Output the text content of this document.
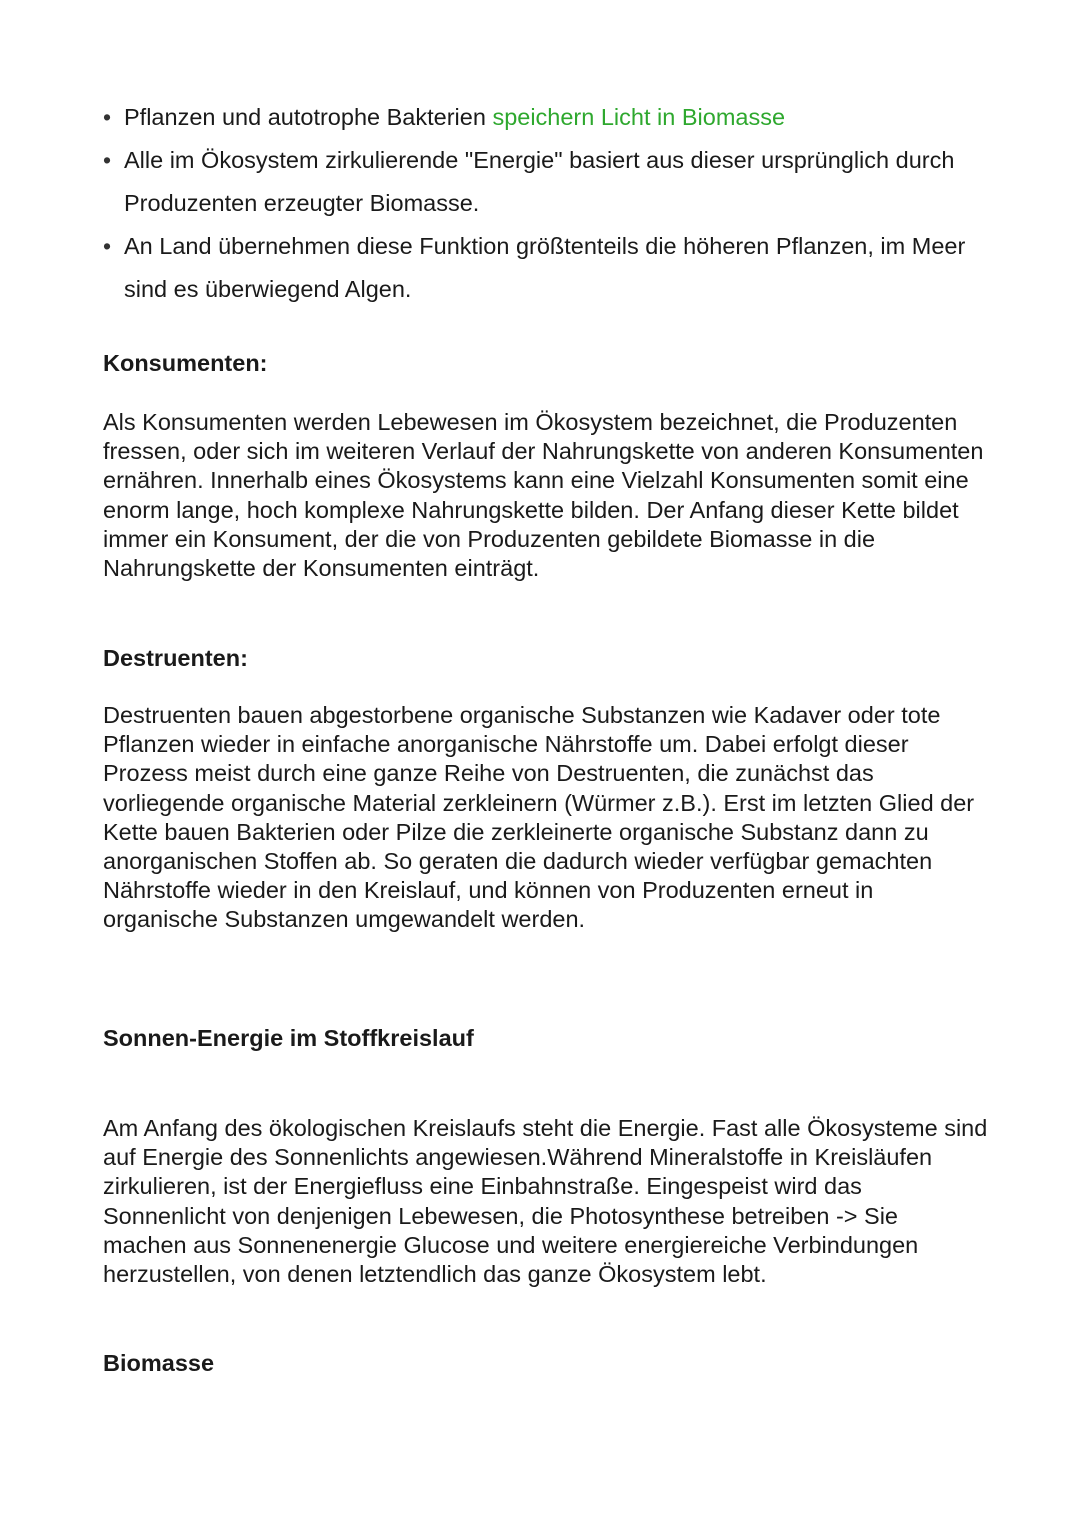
• Pflanzen und autotrophe Bakterien speichern Licht in Biomasse
• Alle im Ökosystem zirkulierende "Energie" basiert aus dieser ursprünglich durch Produzenten erzeugter Biomasse.
• An Land übernehmen diese Funktion größtenteils die höheren Pflanzen, im Meer sind es überwiegend Algen.
Konsumenten:

Als Konsumenten werden Lebewesen im Ökosystem bezeichnet, die Produzenten fressen, oder sich im weiteren Verlauf der Nahrungskette von anderen Konsumenten ernähren. Innerhalb eines Ökosystems kann eine Vielzahl Konsumenten somit eine enorm lange, hoch komplexe Nahrungskette bilden. Der Anfang dieser Kette bildet immer ein Konsument, der die von Produzenten gebildete Biomasse in die Nahrungskette der Konsumenten einträgt.

Destruenten:

Destruenten bauen abgestorbene organische Substanzen wie Kadaver oder tote Pflanzen wieder in einfache anorganische Nährstoffe um. Dabei erfolgt dieser Prozess meist durch eine ganze Reihe von Destruenten, die zunächst das vorliegende organische Material zerkleinern (Würmer z.B.). Erst im letzten Glied der Kette bauen Bakterien oder Pilze die zerkleinerte organische Substanz dann zu anorganischen Stoffen ab. So geraten die dadurch wieder verfügbar gemachten Nährstoffe wieder in den Kreislauf, und können von Produzenten erneut in organische Substanzen umgewandelt werden.

Sonnen-Energie im Stoffkreislauf

Am Anfang des ökologischen Kreislaufs steht die Energie. Fast alle Ökosysteme sind auf Energie des Sonnenlichts angewiesen.Während Mineralstoffe in Kreisläufen zirkulieren, ist der Energiefluss eine Einbahnstraße. Eingespeist wird das Sonnenlicht von denjenigen Lebewesen, die Photosynthese betreiben -> Sie machen aus Sonnenenergie Glucose und weitere energiereiche Verbindungen herzustellen, von denen letztendlich das ganze Ökosystem lebt.

Biomasse
